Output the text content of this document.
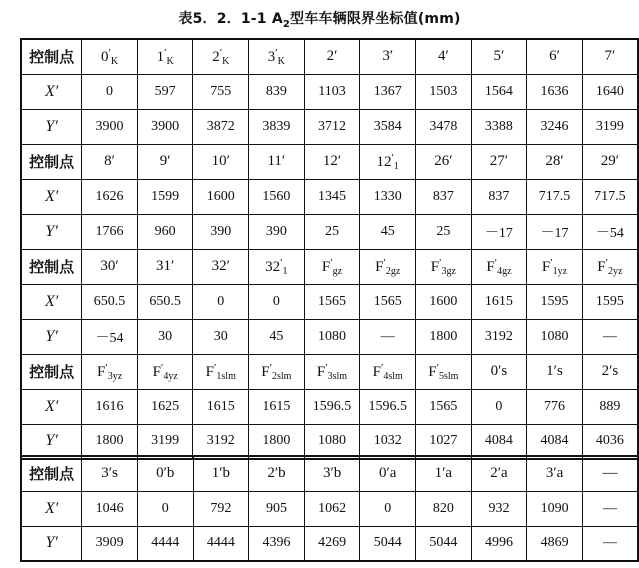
表5．2．1-1 $A_2$型车车辆限界坐标值(mm)
控制点	$0'_K$	$1'_K$	$2'_K$	$3'_K$	2′	3′	4′	5′	6′	7′
X′	0	597	755	839	1103	1367	1503	1564	1636	1640
Y′	3900	3900	3872	3839	3712	3584	3478	3388	3246	3199
控制点	8′	9′	10′	11′	12′	$12'_1$	26′	27′	28′	29′
X′	1626	1599	1600	1560	1345	1330	837	837	717.5	717.5
Y′	1766	960	390	390	25	45	25	－17	－17	－54
控制点	30′	31′	32′	$32'_1$	$F'_{gz}$	$F'_{2gz}$	$F'_{3gz}$	$F'_{4gz}$	$F'_{1yz}$	$F'_{2yz}$
X′	650.5	650.5	0	0	1565	1565	1600	1615	1595	1595
Y′	－54	30	30	45	1080	—	1800	3192	1080	—
控制点	$F'_{3yz}$	$F'_{4yz}$	$F'_{1slm}$	$F'_{2slm}$	$F'_{3slm}$	$F'_{4slm}$	$F'_{5slm}$	0′s	1′s	2′s
X′	1616	1625	1615	1615	1596.5	1596.5	1565	0	776	889
Y′	1800	3199	3192	1800	1080	1032	1027	4084	4084	4036
控制点	3′s	0′b	1′b	2′b	3′b	0′a	1′a	2′a	3′a	—
X′	1046	0	792	905	1062	0	820	932	1090	—
Y′	3909	4444	4444	4396	4269	5044	5044	4996	4869	—
